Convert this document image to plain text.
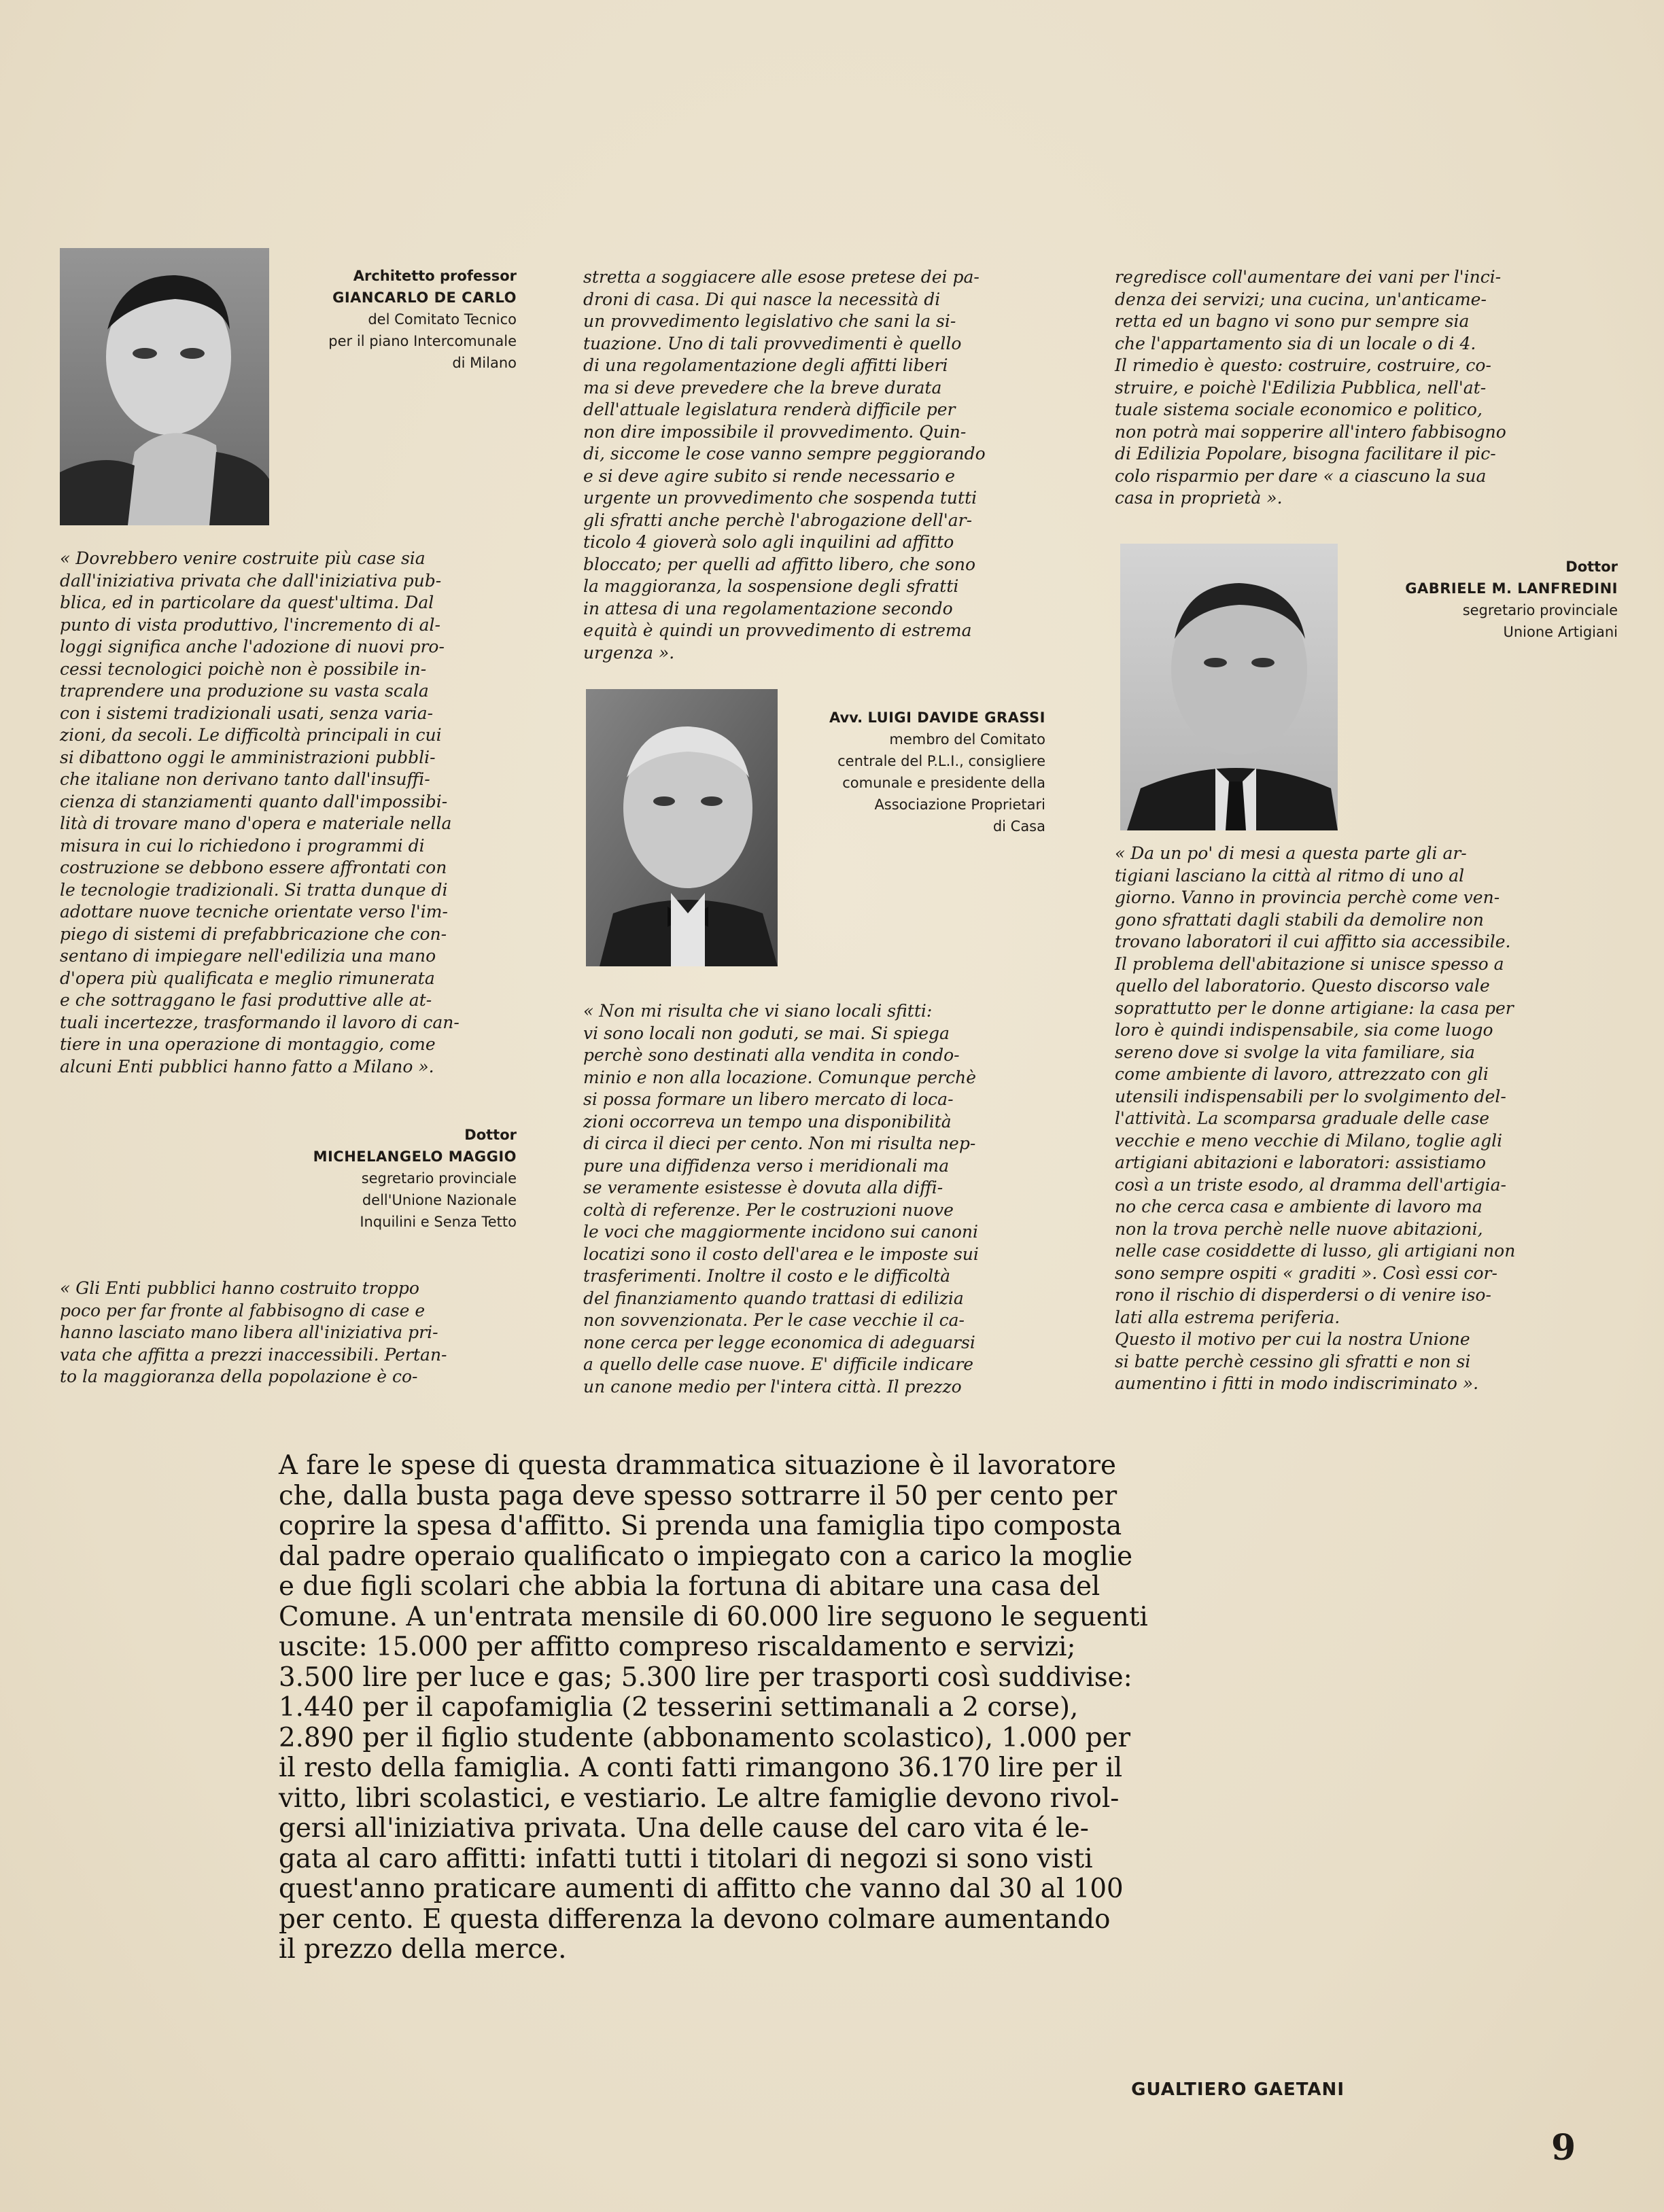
Architetto professor
GIANCARLO DE CARLO
del Comitato Tecnico
per il piano Intercomunale
di Milano
« Dovrebbero venire costruite più case sia
dall'iniziativa privata che dall'iniziativa pub-
blica, ed in particolare da quest'ultima. Dal
punto di vista produttivo, l'incremento di al-
loggi significa anche l'adozione di nuovi pro-
cessi tecnologici poichè non è possibile in-
traprendere una produzione su vasta scala
con i sistemi tradizionali usati, senza varia-
zioni, da secoli. Le difficoltà principali in cui
si dibattono oggi le amministrazioni pubbli-
che italiane non derivano tanto dall'insuffi-
cienza di stanziamenti quanto dall'impossibi-
lità di trovare mano d'opera e materiale nella
misura in cui lo richiedono i programmi di
costruzione se debbono essere affrontati con
le tecnologie tradizionali. Si tratta dunque di
adottare nuove tecniche orientate verso l'im-
piego di sistemi di prefabbricazione che con-
sentano di impiegare nell'edilizia una mano
d'opera più qualificata e meglio rimunerata
e che sottraggano le fasi produttive alle at-
tuali incertezze, trasformando il lavoro di can-
tiere in una operazione di montaggio, come
alcuni Enti pubblici hanno fatto a Milano ».
Dottor
MICHELANGELO MAGGIO
segretario provinciale
dell'Unione Nazionale
Inquilini e Senza Tetto
« Gli Enti pubblici hanno costruito troppo
poco per far fronte al fabbisogno di case e
hanno lasciato mano libera all'iniziativa pri-
vata che affitta a prezzi inaccessibili. Pertan-
to la maggioranza della popolazione è co-
stretta a soggiacere alle esose pretese dei pa-
droni di casa. Di qui nasce la necessità di
un provvedimento legislativo che sani la si-
tuazione. Uno di tali provvedimenti è quello
di una regolamentazione degli affitti liberi
ma si deve prevedere che la breve durata
dell'attuale legislatura renderà difficile per
non dire impossibile il provvedimento. Quin-
di, siccome le cose vanno sempre peggiorando
e si deve agire subito si rende necessario e
urgente un provvedimento che sospenda tutti
gli sfratti anche perchè l'abrogazione dell'ar-
ticolo 4 gioverà solo agli inquilini ad affitto
bloccato; per quelli ad affitto libero, che sono
la maggioranza, la sospensione degli sfratti
in attesa di una regolamentazione secondo
equità è quindi un provvedimento di estrema
urgenza ».
Avv. LUIGI DAVIDE GRASSI
membro del Comitato
centrale del P.L.I., consigliere
comunale e presidente della
Associazione Proprietari
di Casa
« Non mi risulta che vi siano locali sfitti:
vi sono locali non goduti, se mai. Si spiega
perchè sono destinati alla vendita in condo-
minio e non alla locazione. Comunque perchè
si possa formare un libero mercato di loca-
zioni occorreva un tempo una disponibilità
di circa il dieci per cento. Non mi risulta nep-
pure una diffidenza verso i meridionali ma
se veramente esistesse è dovuta alla diffi-
coltà di referenze. Per le costruzioni nuove
le voci che maggiormente incidono sui canoni
locatizi sono il costo dell'area e le imposte sui
trasferimenti. Inoltre il costo e le difficoltà
del finanziamento quando trattasi di edilizia
non sovvenzionata. Per le case vecchie il ca-
none cerca per legge economica di adeguarsi
a quello delle case nuove. E' difficile indicare
un canone medio per l'intera città. Il prezzo
regredisce coll'aumentare dei vani per l'inci-
denza dei servizi; una cucina, un'anticame-
retta ed un bagno vi sono pur sempre sia
che l'appartamento sia di un locale o di 4.
Il rimedio è questo: costruire, costruire, co-
struire, e poichè l'Edilizia Pubblica, nell'at-
tuale sistema sociale economico e politico,
non potrà mai sopperire all'intero fabbisogno
di Edilizia Popolare, bisogna facilitare il pic-
colo risparmio per dare « a ciascuno la sua
casa in proprietà ».
Dottor
GABRIELE M. LANFREDINI
segretario provinciale
Unione Artigiani
« Da un po' di mesi a questa parte gli ar-
tigiani lasciano la città al ritmo di uno al
giorno. Vanno in provincia perchè come ven-
gono sfrattati dagli stabili da demolire non
trovano laboratori il cui affitto sia accessibile.
Il problema dell'abitazione si unisce spesso a
quello del laboratorio. Questo discorso vale
soprattutto per le donne artigiane: la casa per
loro è quindi indispensabile, sia come luogo
sereno dove si svolge la vita familiare, sia
come ambiente di lavoro, attrezzato con gli
utensili indispensabili per lo svolgimento del-
l'attività. La scomparsa graduale delle case
vecchie e meno vecchie di Milano, toglie agli
artigiani abitazioni e laboratori: assistiamo
così a un triste esodo, al dramma dell'artigia-
no che cerca casa e ambiente di lavoro ma
non la trova perchè nelle nuove abitazioni,
nelle case cosiddette di lusso, gli artigiani non
sono sempre ospiti « graditi ». Così essi cor-
rono il rischio di disperdersi o di venire iso-
lati alla estrema periferia.
Questo il motivo per cui la nostra Unione
si batte perchè cessino gli sfratti e non si
aumentino i fitti in modo indiscriminato ».
A fare le spese di questa drammatica situazione è il lavoratore
che, dalla busta paga deve spesso sottrarre il 50 per cento per
coprire la spesa d'affitto. Si prenda una famiglia tipo composta
dal padre operaio qualificato o impiegato con a carico la moglie
e due figli scolari che abbia la fortuna di abitare una casa del
Comune. A un'entrata mensile di 60.000 lire seguono le seguenti
uscite: 15.000 per affitto compreso riscaldamento e servizi;
3.500 lire per luce e gas; 5.300 lire per trasporti così suddivise:
1.440 per il capofamiglia (2 tesserini settimanali a 2 corse),
2.890 per il figlio studente (abbonamento scolastico), 1.000 per
il resto della famiglia. A conti fatti rimangono 36.170 lire per il
vitto, libri scolastici, e vestiario. Le altre famiglie devono rivol-
gersi all'iniziativa privata. Una delle cause del caro vita é le-
gata al caro affitti: infatti tutti i titolari di negozi si sono visti
quest'anno praticare aumenti di affitto che vanno dal 30 al 100
per cento. E questa differenza la devono colmare aumentando
il prezzo della merce.
GUALTIERO GAETANI
9
